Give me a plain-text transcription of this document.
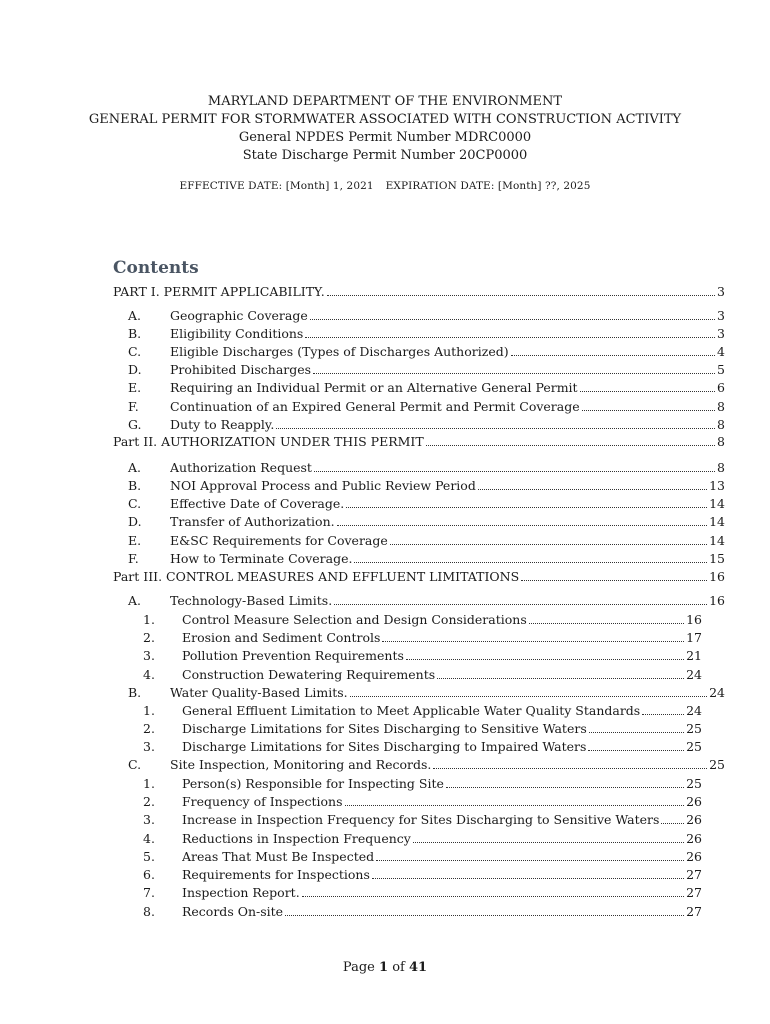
MARYLAND DEPARTMENT OF THE ENVIRONMENT
GENERAL PERMIT FOR STORMWATER ASSOCIATED WITH CONSTRUCTION ACTIVITY
General NPDES Permit Number MDRC0000
State Discharge Permit Number 20CP0000
EFFECTIVE DATE: [Month] 1, 2021 EXPIRATION DATE: [Month] ??, 2025
Contents
PART I. PERMIT APPLICABILITY.	3
A.	Geographic Coverage	3
B.	Eligibility Conditions	3
C.	Eligible Discharges (Types of Discharges Authorized)	4
D.	Prohibited Discharges	5
E.	Requiring an Individual Permit or an Alternative General Permit	6
F.	Continuation of an Expired General Permit and Permit Coverage	8
G.	Duty to Reapply.	8
Part II. AUTHORIZATION UNDER THIS PERMIT	8
A.	Authorization Request	8
B.	NOI Approval Process and Public Review Period	13
C.	Effective Date of Coverage.	14
D.	Transfer of Authorization.	14
E.	E&SC Requirements for Coverage	14
F.	How to Terminate Coverage.	15
Part III. CONTROL MEASURES AND EFFLUENT LIMITATIONS	16
A.	Technology-Based Limits.	16
1.	Control Measure Selection and Design Considerations	16
2.	Erosion and Sediment Controls	17
3.	Pollution Prevention Requirements	21
4.	Construction Dewatering Requirements	24
B.	Water Quality-Based Limits.	24
1.	General Effluent Limitation to Meet Applicable Water Quality Standards	24
2.	Discharge Limitations for Sites Discharging to Sensitive Waters	25
3.	Discharge Limitations for Sites Discharging to Impaired Waters	25
C.	Site Inspection, Monitoring and Records.	25
1.	Person(s) Responsible for Inspecting Site	25
2.	Frequency of Inspections	26
3.	Increase in Inspection Frequency for Sites Discharging to Sensitive Waters 26
4.	Reductions in Inspection Frequency	26
5.	Areas That Must Be Inspected	26
6.	Requirements for Inspections	27
7.	Inspection Report.	27
8.	Records On-site	27
Page 1 of 41
